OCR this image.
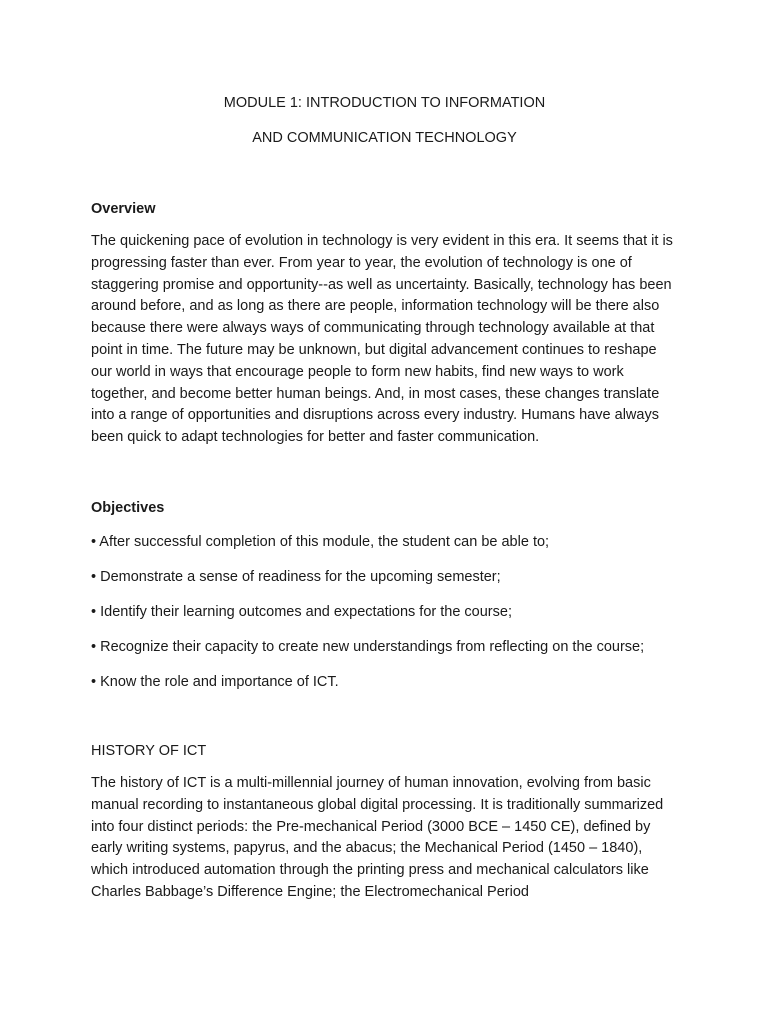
MODULE 1: INTRODUCTION TO INFORMATION

AND COMMUNICATION TECHNOLOGY

Overview

The quickening pace of evolution in technology is very evident in this era. It seems that it is progressing faster than ever. From year to year, the evolution of technology is one of staggering promise and opportunity--as well as uncertainty. Basically, technology has been around before, and as long as there are people, information technology will be there also because there were always ways of communicating through technology available at that point in time. The future may be unknown, but digital advancement continues to reshape our world in ways that encourage people to form new habits, find new ways to work together, and become better human beings. And, in most cases, these changes translate into a range of opportunities and disruptions across every industry. Humans have always been quick to adapt technologies for better and faster communication.

Objectives

• After successful completion of this module, the student can be able to;

• Demonstrate a sense of readiness for the upcoming semester;

• Identify their learning outcomes and expectations for the course;

• Recognize their capacity to create new understandings from reflecting on the course;

• Know the role and importance of ICT.

HISTORY OF ICT

The history of ICT is a multi-millennial journey of human innovation, evolving from basic manual recording to instantaneous global digital processing. It is traditionally summarized into four distinct periods: the Pre-mechanical Period (3000 BCE – 1450 CE), defined by early writing systems, papyrus, and the abacus; the Mechanical Period (1450 – 1840), which introduced automation through the printing press and mechanical calculators like Charles Babbage’s Difference Engine; the Electromechanical Period
